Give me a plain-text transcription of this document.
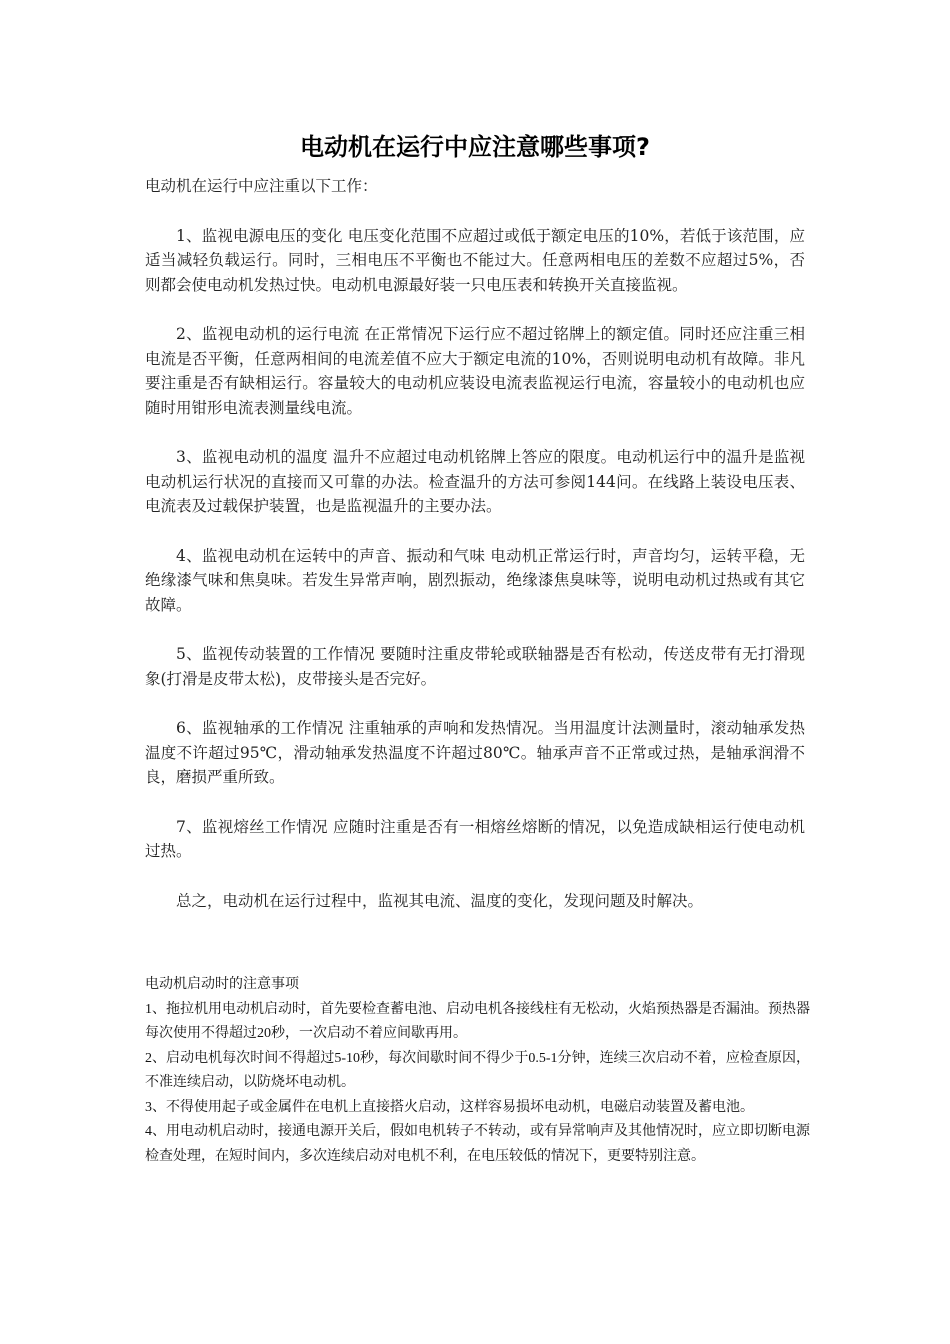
电动机在运行中应注意哪些事项?

电动机在运行中应注重以下工作：

1、监视电源电压的变化 电压变化范围不应超过或低于额定电压的10%，若低于该范围，应适当减轻负载运行。同时，三相电压不平衡也不能过大。任意两相电压的差数不应超过5%，否则都会使电动机发热过快。电动机电源最好装一只电压表和转换开关直接监视。

2、监视电动机的运行电流 在正常情况下运行应不超过铭牌上的额定值。同时还应注重三相电流是否平衡，任意两相间的电流差值不应大于额定电流的10%，否则说明电动机有故障。非凡要注重是否有缺相运行。容量较大的电动机应装设电流表监视运行电流，容量较小的电动机也应随时用钳形电流表测量线电流。

3、监视电动机的温度 温升不应超过电动机铭牌上答应的限度。电动机运行中的温升是监视电动机运行状况的直接而又可靠的办法。检查温升的方法可参阅144问。在线路上装设电压表、电流表及过载保护装置，也是监视温升的主要办法。

4、监视电动机在运转中的声音、振动和气味 电动机正常运行时，声音均匀，运转平稳，无绝缘漆气味和焦臭味。若发生异常声响，剧烈振动，绝缘漆焦臭味等，说明电动机过热或有其它故障。

5、监视传动装置的工作情况 要随时注重皮带轮或联轴器是否有松动，传送皮带有无打滑现象(打滑是皮带太松)，皮带接头是否完好。

6、监视轴承的工作情况 注重轴承的声响和发热情况。当用温度计法测量时，滚动轴承发热温度不许超过95℃，滑动轴承发热温度不许超过80℃。轴承声音不正常或过热，是轴承润滑不良，磨损严重所致。

7、监视熔丝工作情况 应随时注重是否有一相熔丝熔断的情况，以免造成缺相运行使电动机过热。

总之，电动机在运行过程中，监视其电流、温度的变化，发现问题及时解决。

电动机启动时的注意事项

1、拖拉机用电动机启动时，首先要检查蓄电池、启动电机各接线柱有无松动，火焰预热器是否漏油。预热器每次使用不得超过20秒，一次启动不着应间歇再用。

2、启动电机每次时间不得超过5-10秒，每次间歇时间不得少于0.5-1分钟，连续三次启动不着，应检查原因，不准连续启动，以防烧坏电动机。

3、不得使用起子或金属件在电机上直接搭火启动，这样容易损坏电动机，电磁启动装置及蓄电池。

4、用电动机启动时，接通电源开关后，假如电机转子不转动，或有异常响声及其他情况时，应立即切断电源检查处理，在短时间内，多次连续启动对电机不利，在电压较低的情况下，更要特别注意。
